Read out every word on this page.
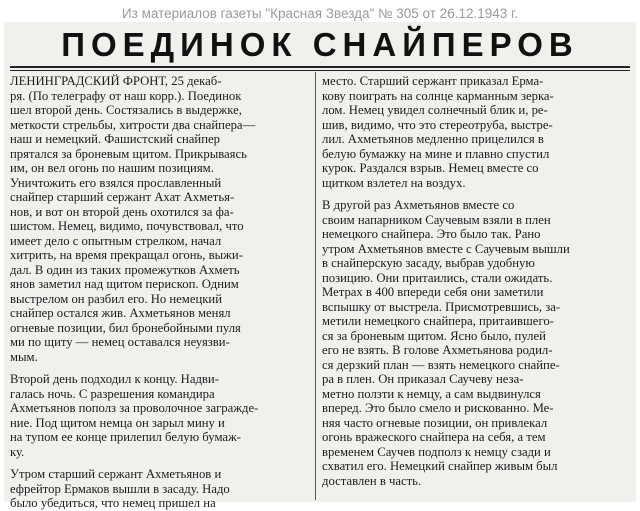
Из материалов газеты "Красная Звезда" № 305 от 26.12.1943 г.
ПОЕДИНОК СНАЙПЕРОВ
ЛЕНИНГРАДСКИЙ ФРОНТ, 25 декаб-
ря. (По телеграфу от наш корр.). Поединок
шел второй день. Состязались в выдержке,
меткости стрельбы, хитрости два снайпера—
наш и немецкий. Фашистский снайпер
прятался за броневым щитом. Прикрываясь
им, он вел огонь по нашим позициям.
Уничтожить его взялся прославленный
снайпер старший сержант Ахат Ахметья-
нов, и вот он второй день охотился за фа-
шистом. Немец, видимо, почувствовал, что
имеет дело с опытным стрелком, начал
хитрить, на время прекращал огонь, выжи-
дал. В один из таких промежутков Ахметь
янов заметил над щитом перископ. Одним
выстрелом он разбил его. Но немецкий
снайпер остался жив. Ахметьянов менял
огневые позиции, бил бронебойными пуля
ми по щиту — немец оставался неуязви-
мым.
Второй день подходил к концу. Надви-
галась ночь. С разрешения командира
Ахметьянов пополз за проволочное загражде-
ние. Под щитом немца он зарыл мину и
на тупом ее конце прилепил белую бумаж-
ку.
Утром старший сержант Ахметьянов и
ефрейтор Ермаков вышли в засаду. Надо
было убедиться, что немец пришел на
место. Старший сержант приказал Ерма-
кову поиграть на солнце карманным зерка-
лом. Немец увидел солнечный блик и, ре-
шив, видимо, что это стереотруба, выстре-
лил. Ахметьянов медленно прицелился в
белую бумажку на мине и плавно спустил
курок. Раздался взрыв. Немец вместе со
щитком взлетел на воздух.
В другой раз Ахметьянов вместе со
своим напарником Саучевым взяли в плен
немецкого снайпера. Это было так. Рано
утром Ахметьянов вместе с Саучевым вышли
в снайперскую засаду, выбрав удобную
позицию. Они притаились, стали ожидать.
Метрах в 400 впереди себя они заметили
вспышку от выстрела. Присмотревшись, за-
метили немецкого снайпера, притаившего-
ся за броневым щитом. Ясно было, пулей
его не взять. В голове Ахметьянова родил-
ся дерзкий план — взять немецкого снайпе-
ра в плен. Он приказал Саучеву неза-
метно ползти к немцу, а сам выдвинулся
вперед. Это было смело и рискованно. Ме-
няя часто огневые позиции, он привлекал
огонь вражеского снайпера на себя, а тем
временем Саучев подполз к немцу сзади и
схватил его. Немецкий снайпер живым был
доставлен в часть.
